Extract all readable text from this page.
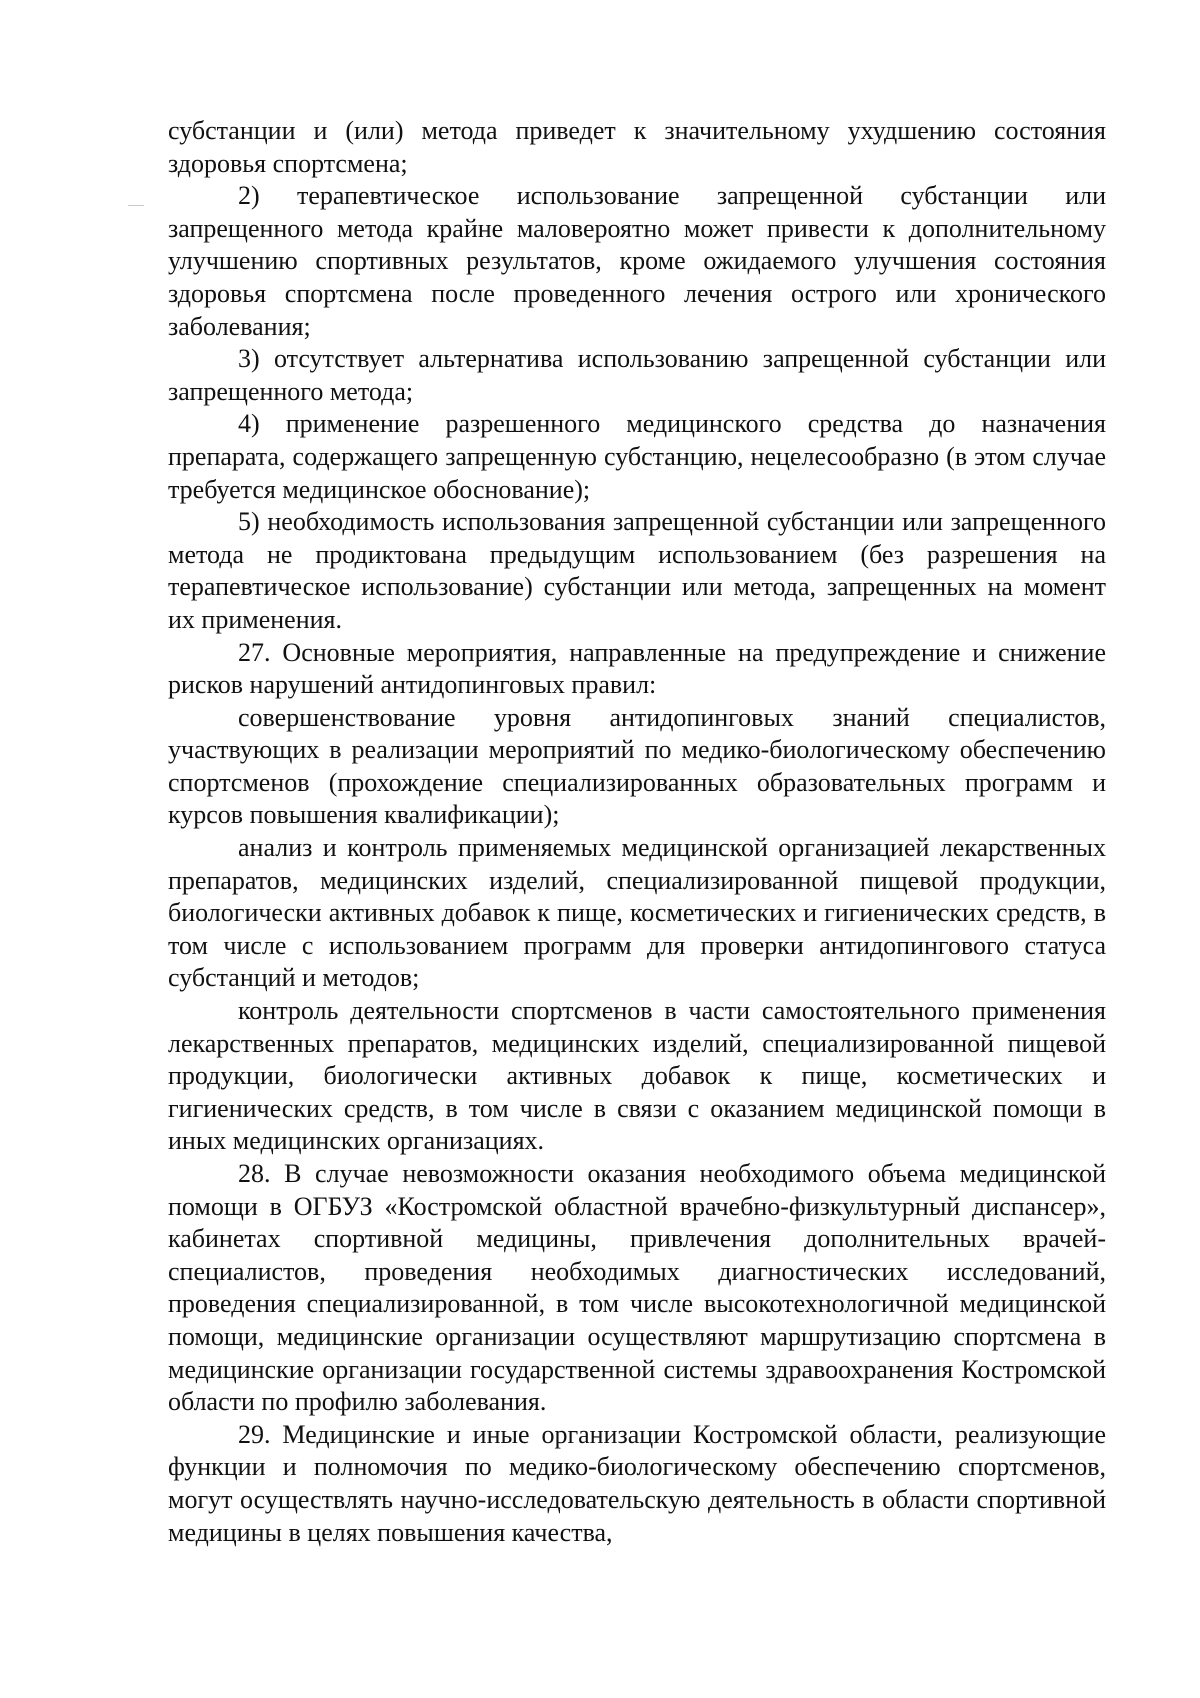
субстанции и (или) метода приведет к значительному ухудшению состояния здоровья спортсмена;

2) терапевтическое использование запрещенной субстанции или запрещенного метода крайне маловероятно может привести к дополнительному улучшению спортивных результатов, кроме ожидаемого улучшения состояния здоровья спортсмена после проведенного лечения острого или хронического заболевания;

3) отсутствует альтернатива использованию запрещенной субстанции или запрещенного метода;

4) применение разрешенного медицинского средства до назначения препарата, содержащего запрещенную субстанцию, нецелесообразно (в этом случае требуется медицинское обоснование);

5) необходимость использования запрещенной субстанции или запрещенного метода не продиктована предыдущим использованием (без разрешения на терапевтическое использование) субстанции или метода, запрещенных на момент их применения.

27. Основные мероприятия, направленные на предупреждение и снижение рисков нарушений антидопинговых правил:

совершенствование уровня антидопинговых знаний специалистов, участвующих в реализации мероприятий по медико-биологическому обеспечению спортсменов (прохождение специализированных образовательных программ и курсов повышения квалификации);

анализ и контроль применяемых медицинской организацией лекарственных препаратов, медицинских изделий, специализированной пищевой продукции, биологически активных добавок к пище, косметических и гигиенических средств, в том числе с использованием программ для проверки антидопингового статуса субстанций и методов;

контроль деятельности спортсменов в части самостоятельного применения лекарственных препаратов, медицинских изделий, специализированной пищевой продукции, биологически активных добавок к пище, косметических и гигиенических средств, в том числе в связи с оказанием медицинской помощи в иных медицинских организациях.

28. В случае невозможности оказания необходимого объема медицинской помощи в ОГБУЗ «Костромской областной врачебно-физкультурный диспансер», кабинетах спортивной медицины, привлечения дополнительных врачей-специалистов, проведения необходимых диагностических исследований, проведения специализированной, в том числе высокотехнологичной медицинской помощи, медицинские организации осуществляют маршрутизацию спортсмена в медицинские организации государственной системы здравоохранения Костромской области по профилю заболевания.

29. Медицинские и иные организации Костромской области, реализующие функции и полномочия по медико-биологическому обеспечению спортсменов, могут осуществлять научно-исследовательскую деятельность в области спортивной медицины в целях повышения качества,
